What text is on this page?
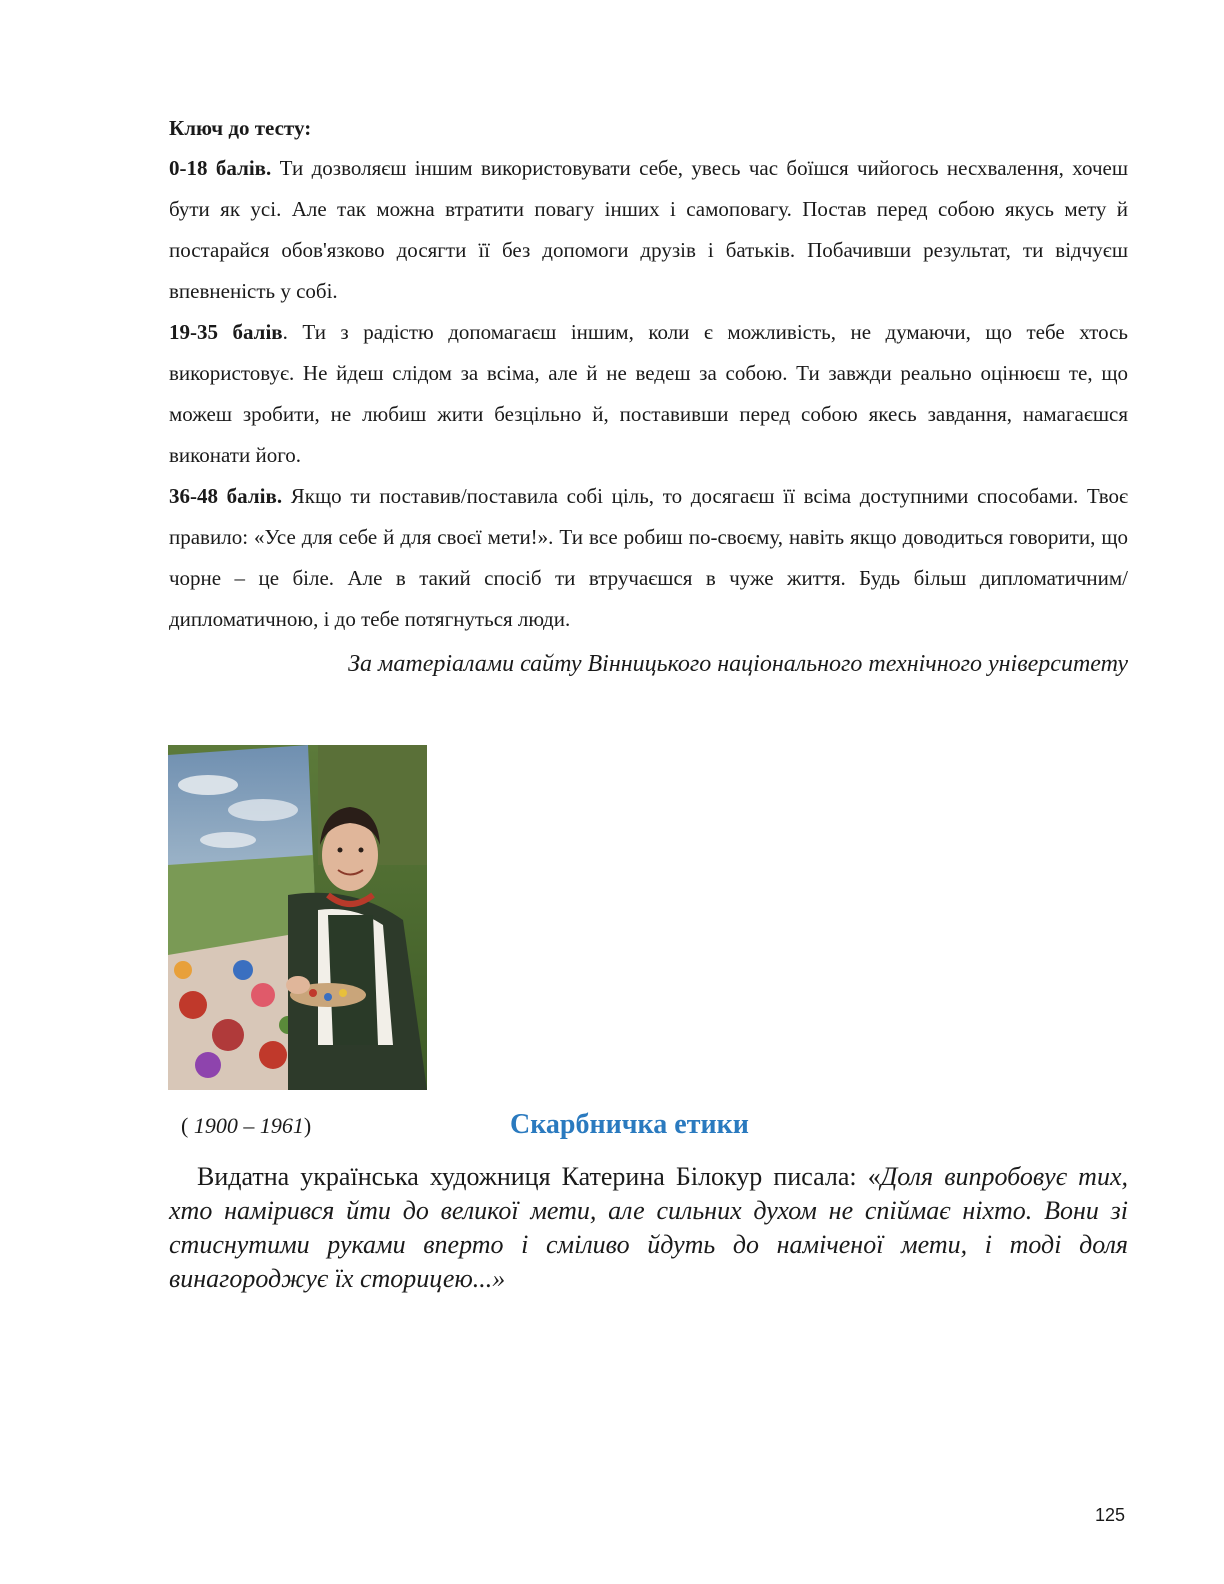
Ключ до тесту:

0-18 балів. Ти дозволяєш іншим використовувати себе, увесь час боїшся чийогось несхвалення, хочеш бути як усі. Але так можна втратити повагу інших і самоповагу. Постав перед собою якусь мету й постарайся обов'язково досягти її без допомоги друзів і батьків. Побачивши результат, ти відчуєш впевненість у собі.

19-35 балів. Ти з радістю допомагаєш іншим, коли є можливість, не думаючи, що тебе хтось використовує. Не йдеш слідом за всіма, але й не ведеш за собою. Ти завжди реально оцінюєш те, що можеш зробити, не любиш жити безцільно й, поставивши перед собою якесь завдання, намагаєшся виконати його.

36-48 балів. Якщо ти поставив/поставила собі ціль, то досягаєш її всіма доступними способами. Твоє правило: «Усе для себе й для своєї мети!». Ти все робиш по-своєму, навіть якщо доводиться говорити, що чорне – це біле. Але в такий спосіб ти втручаєшся в чуже життя. Будь більш дипломатичним/дипломатичною, і до тебе потягнуться люди.

За матеріалами сайту Вінницького національного технічного університету

( 1900 – 1961)	Скарбничка етики
Видатна українська художниця Катерина Білокур писала: «Доля випробовує тих, хто намірився йти до великої мети, але сильних духом не спіймає ніхто. Вони зі стиснутими руками вперто і сміливо йдуть до наміченої мети, і тоді доля винагороджує їх сторицею...»
125
